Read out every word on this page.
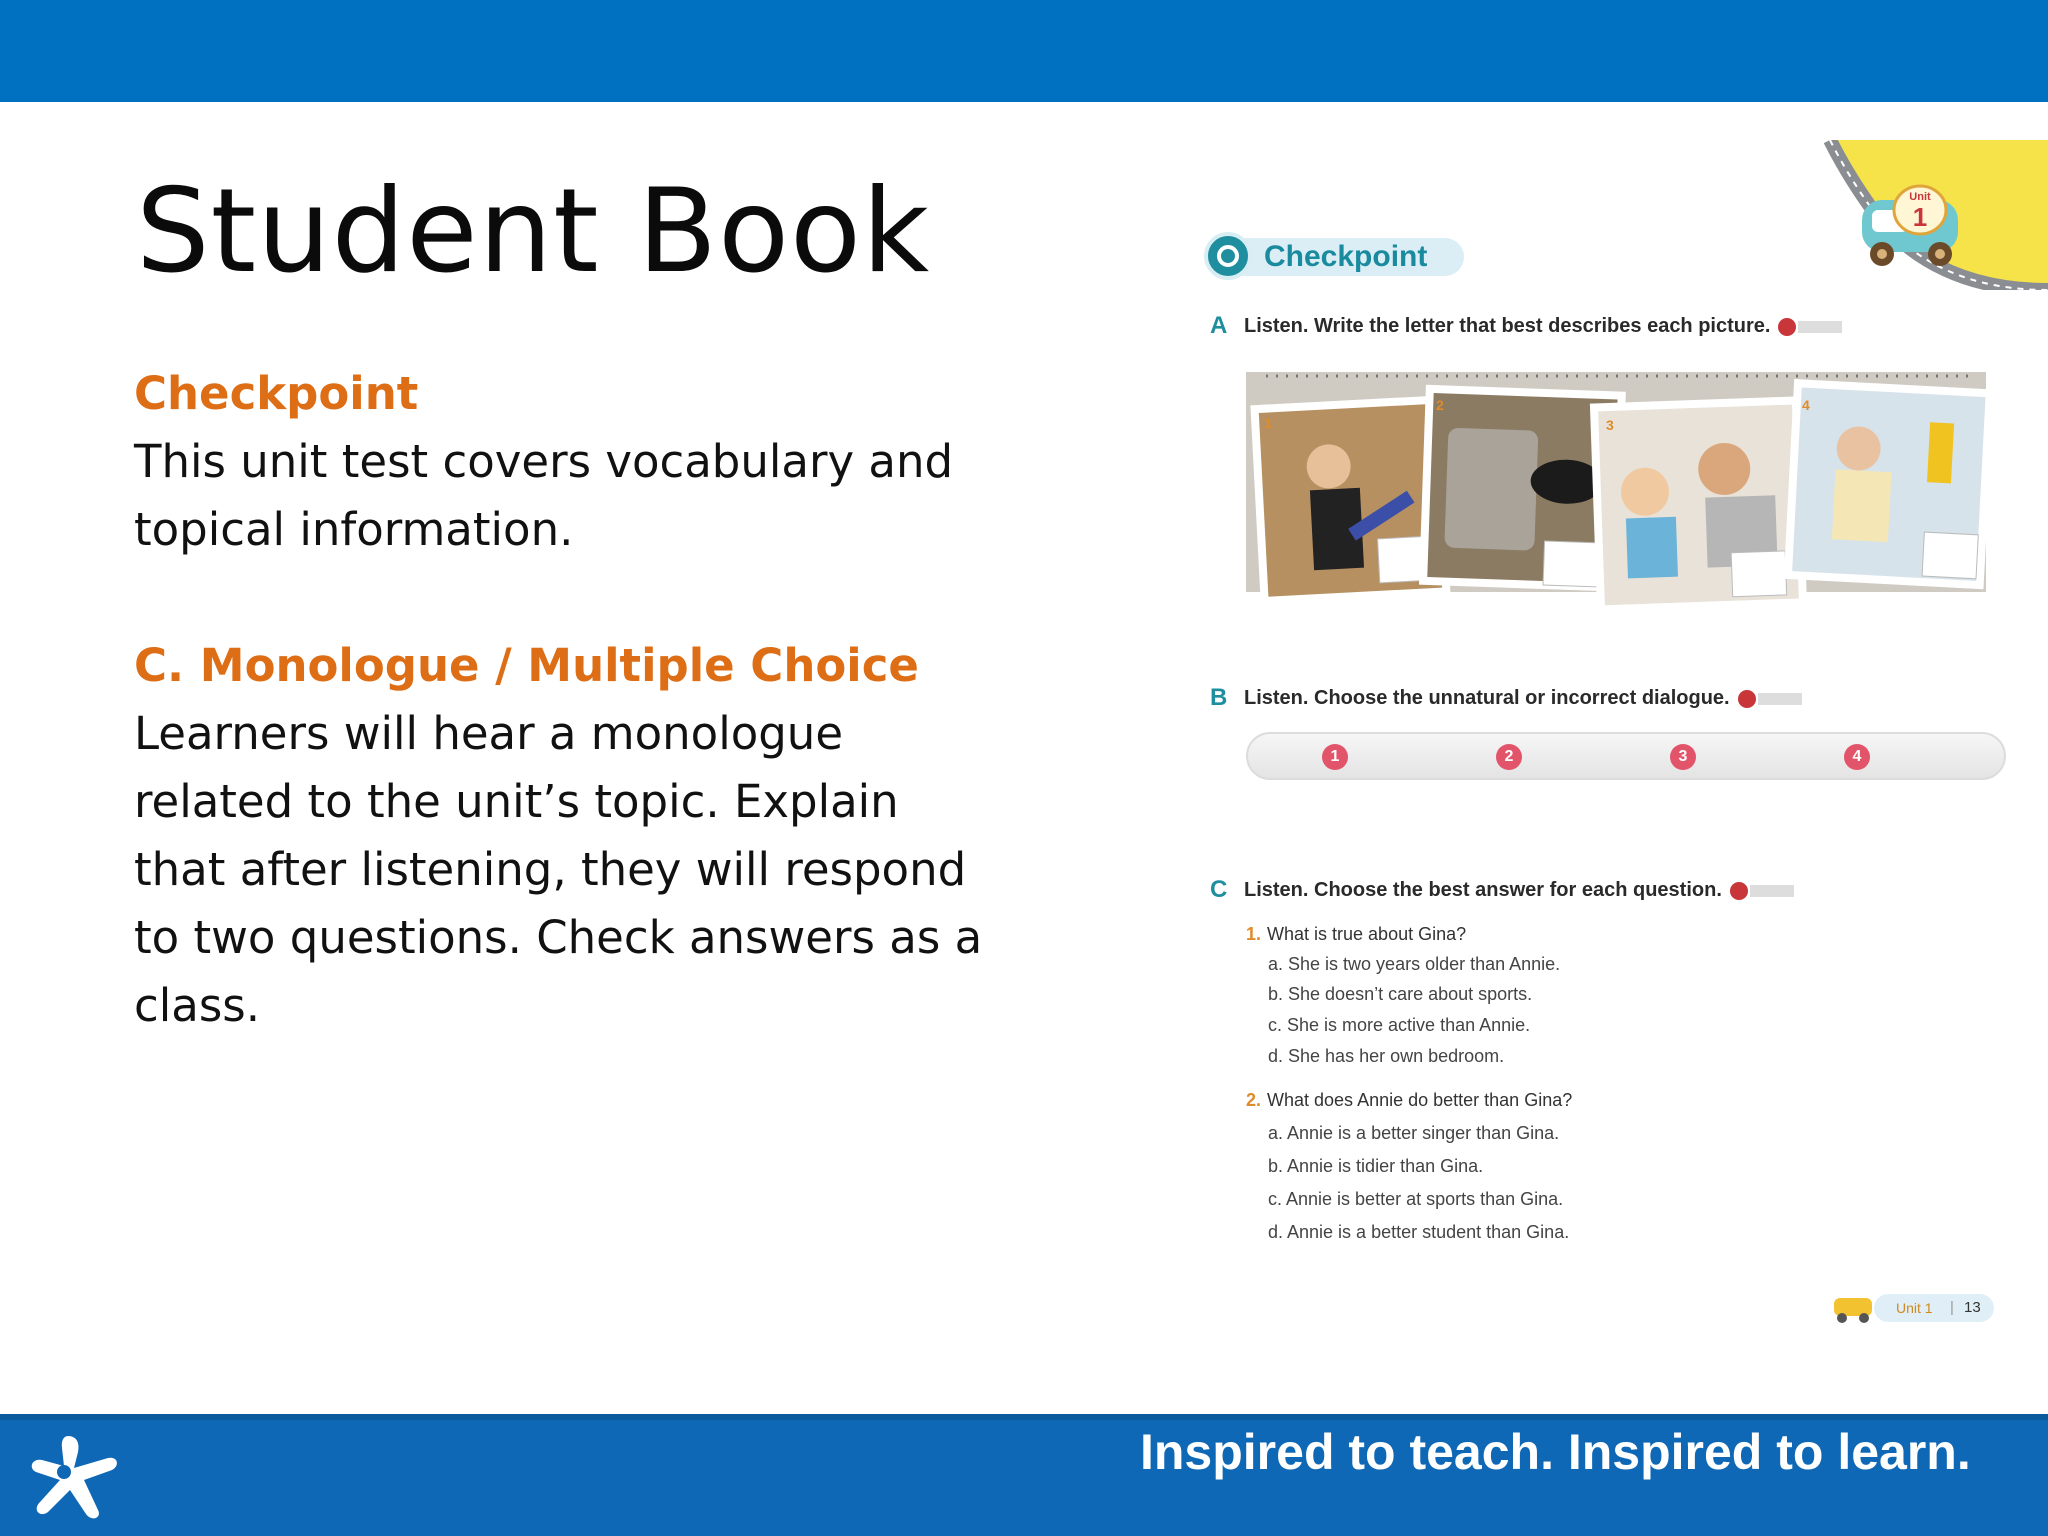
Student Book
Checkpoint
This unit test covers vocabulary and
topical information.
C. Monologue / Multiple Choice
Learners will hear a monologue
related to the unit’s topic. Explain
that after listening, they will respond
to two questions. Check answers as a
class.
Unit
1
Checkpoint
A Listen. Write the letter that best describes each picture.
1
2
3
4
B Listen. Choose the unnatural or incorrect dialogue.
1	2	3	4
C Listen. Choose the best answer for each question.
1. What is true about Gina?
a. She is two years older than Annie.
b. She doesn’t care about sports.
c. She is more active than Annie.
d. She has her own bedroom.
2. What does Annie do better than Gina?
a. Annie is a better singer than Gina.
b. Annie is tidier than Gina.
c. Annie is better at sports than Gina.
d. Annie is a better student than Gina.
Unit 1 | 13
Inspired to teach. Inspired to learn.
